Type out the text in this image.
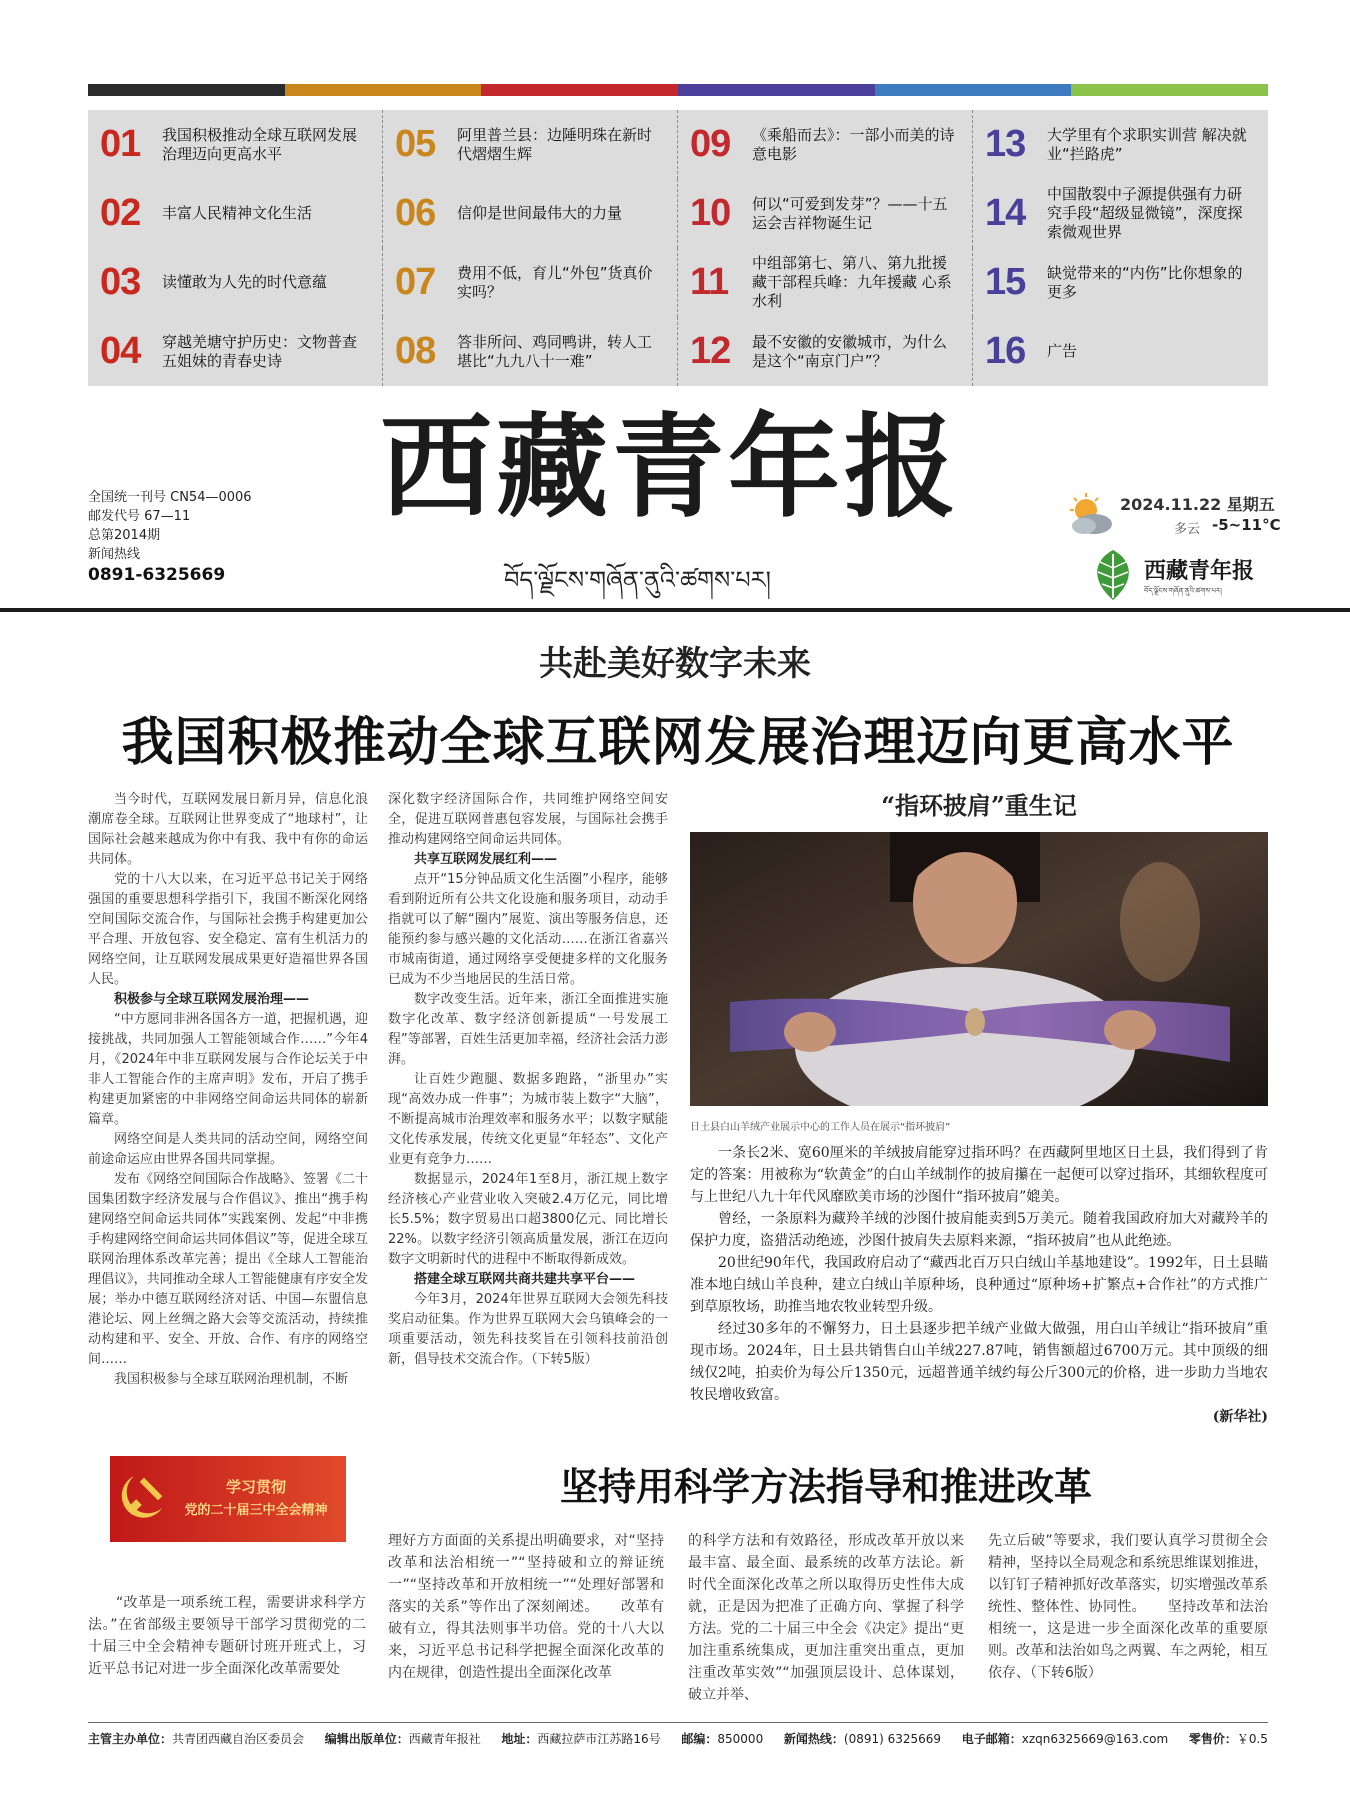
01	我国积极推动全球互联网发展治理迈向更高水平
02	丰富人民精神文化生活
03	读懂敢为人先的时代意蕴
04	穿越羌塘守护历史：文物普查五姐妹的青春史诗
05	阿里普兰县：边陲明珠在新时代熠熠生辉
06	信仰是世间最伟大的力量
07	费用不低，育儿“外包”货真价实吗？
08	答非所问、鸡同鸭讲，转人工堪比“九九八十一难”
09	《乘船而去》：一部小而美的诗意电影
10	何以“可爱到发芽”？——十五运会吉祥物诞生记
11	中组部第七、第八、第九批援藏干部程兵峰：九年援藏 心系水利
12	最不安徽的安徽城市，为什么是这个“南京门户”？
13	大学里有个求职实训营 解决就业“拦路虎”
14	中国散裂中子源提供强有力研究手段“超级显微镜”，深度探索微观世界
15	缺觉带来的“内伤”比你想象的更多
16	广告
全国统一刊号 CN54—0006
邮发代号 67—11
总第2014期
新闻热线
0891-6325669
西藏青年报
བོད་ལྗོངས་གཞོན་ནུའི་ཚགས་པར།
2024.11.22 星期五
多云 -5~11°C
西藏青年报
བོད་ལྗོངས་གཞོན་ནུའི་ཚགས་པར།
共赴美好数字未来
我国积极推动全球互联网发展治理迈向更高水平

当今时代，互联网发展日新月异，信息化浪潮席卷全球。互联网让世界变成了“地球村”，让国际社会越来越成为你中有我、我中有你的命运共同体。

党的十八大以来，在习近平总书记关于网络强国的重要思想科学指引下，我国不断深化网络空间国际交流合作，与国际社会携手构建更加公平合理、开放包容、安全稳定、富有生机活力的网络空间，让互联网发展成果更好造福世界各国人民。

积极参与全球互联网发展治理——

“中方愿同非洲各国各方一道，把握机遇，迎接挑战，共同加强人工智能领域合作……”今年4月，《2024年中非互联网发展与合作论坛关于中非人工智能合作的主席声明》发布，开启了携手构建更加紧密的中非网络空间命运共同体的崭新篇章。

网络空间是人类共同的活动空间，网络空间前途命运应由世界各国共同掌握。

发布《网络空间国际合作战略》、签署《二十国集团数字经济发展与合作倡议》、推出“携手构建网络空间命运共同体”实践案例、发起“中非携手构建网络空间命运共同体倡议”等，促进全球互联网治理体系改革完善；提出《全球人工智能治理倡议》，共同推动全球人工智能健康有序安全发展；举办中德互联网经济对话、中国—东盟信息港论坛、网上丝绸之路大会等交流活动，持续推动构建和平、安全、开放、合作、有序的网络空间……

我国积极参与全球互联网治理机制，不断

深化数字经济国际合作，共同维护网络空间安全，促进互联网普惠包容发展，与国际社会携手推动构建网络空间命运共同体。

共享互联网发展红利——

点开“15分钟品质文化生活圈”小程序，能够看到附近所有公共文化设施和服务项目，动动手指就可以了解“圈内”展览、演出等服务信息，还能预约参与感兴趣的文化活动……在浙江省嘉兴市城南街道，通过网络享受便捷多样的文化服务已成为不少当地居民的生活日常。

数字改变生活。近年来，浙江全面推进实施数字化改革、数字经济创新提质“一号发展工程”等部署，百姓生活更加幸福，经济社会活力澎湃。

让百姓少跑腿、数据多跑路，“浙里办”实现“高效办成一件事”；为城市装上数字“大脑”，不断提高城市治理效率和服务水平；以数字赋能文化传承发展，传统文化更显“年轻态”、文化产业更有竞争力……

数据显示，2024年1至8月，浙江规上数字经济核心产业营业收入突破2.4万亿元，同比增长5.5%；数字贸易出口超3800亿元、同比增长22%。以数字经济引领高质量发展，浙江在迈向数字文明新时代的进程中不断取得新成效。

搭建全球互联网共商共建共享平台——

今年3月，2024年世界互联网大会领先科技奖启动征集。作为世界互联网大会乌镇峰会的一项重要活动，领先科技奖旨在引领科技前沿创新，倡导技术交流合作。（下转5版）

“指环披肩”重生记
日土县白山羊绒产业展示中心的工作人员在展示“指环披肩”

一条长2米、宽60厘米的羊绒披肩能穿过指环吗？在西藏阿里地区日土县，我们得到了肯定的答案：用被称为“软黄金”的白山羊绒制作的披肩攥在一起便可以穿过指环，其细软程度可与上世纪八九十年代风靡欧美市场的沙图什“指环披肩”媲美。

曾经，一条原料为藏羚羊绒的沙图什披肩能卖到5万美元。随着我国政府加大对藏羚羊的保护力度，盗猎活动绝迹，沙图什披肩失去原料来源，“指环披肩”也从此绝迹。

20世纪90年代，我国政府启动了“藏西北百万只白绒山羊基地建设”。1992年，日土县瞄准本地白绒山羊良种，建立白绒山羊原种场，良种通过“原种场+扩繁点+合作社”的方式推广到草原牧场，助推当地农牧业转型升级。

经过30多年的不懈努力，日土县逐步把羊绒产业做大做强，用白山羊绒让“指环披肩”重现市场。2024年，日土县共销售白山羊绒227.87吨，销售额超过6700万元。其中顶级的细绒仅2吨，拍卖价为每公斤1350元，远超普通羊绒约每公斤300元的价格，进一步助力当地农牧民增收致富。

(新华社)

学习贯彻
党的二十届三中全会精神
坚持用科学方法指导和推进改革

“改革是一项系统工程，需要讲求科学方法。”在省部级主要领导干部学习贯彻党的二十届三中全会精神专题研讨班开班式上，习近平总书记对进一步全面深化改革需要处

理好方方面面的关系提出明确要求，对“坚持改革和法治相统一”“坚持破和立的辩证统一”“坚持改革和开放相统一”“处理好部署和落实的关系”等作出了深刻阐述。　　改革有破有立，得其法则事半功倍。党的十八大以来，习近平总书记科学把握全面深化改革的内在规律，创造性提出全面深化改革

的科学方法和有效路径，形成改革开放以来最丰富、最全面、最系统的改革方法论。新时代全面深化改革之所以取得历史性伟大成就，正是因为把准了正确方向、掌握了科学方法。党的二十届三中全会《决定》提出“更加注重系统集成，更加注重突出重点，更加注重改革实效”“加强顶层设计、总体谋划，破立并举、

先立后破”等要求，我们要认真学习贯彻全会精神，坚持以全局观念和系统思维谋划推进，以钉钉子精神抓好改革落实，切实增强改革系统性、整体性、协同性。　　坚持改革和法治相统一，这是进一步全面深化改革的重要原则。改革和法治如鸟之两翼、车之两轮，相互依存、（下转6版）

主管主办单位：共青团西藏自治区委员会 编辑出版单位：西藏青年报社 地址：西藏拉萨市江苏路16号 邮编：850000 新闻热线：(0891) 6325669 电子邮箱：xzqn6325669@163.com 零售价：￥0.5
